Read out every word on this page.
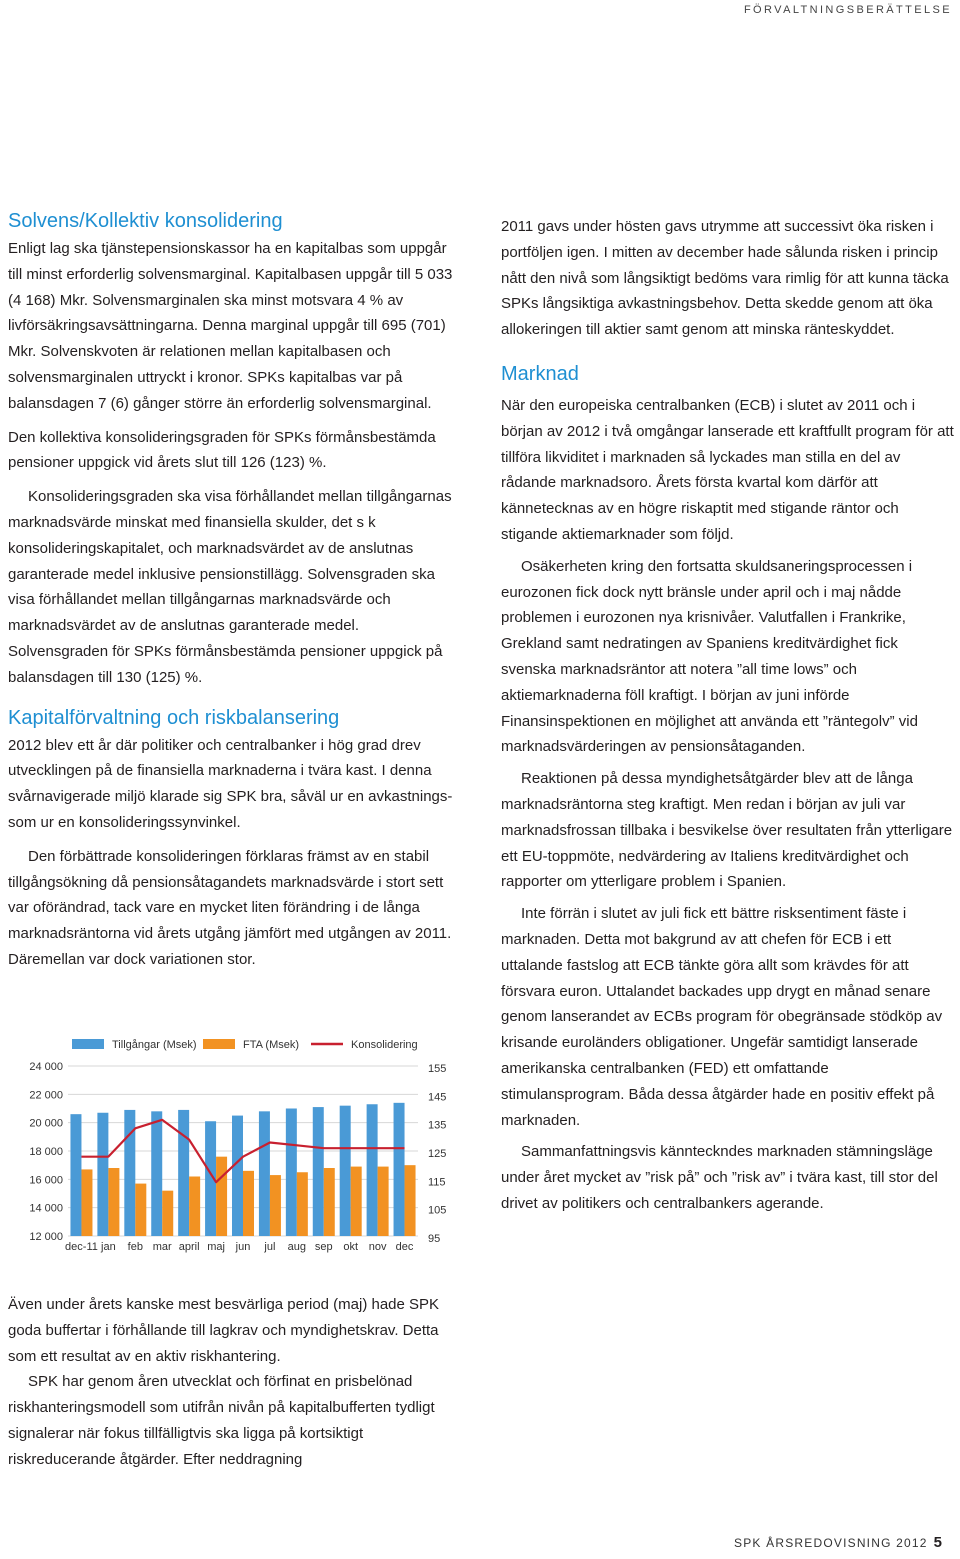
FÖRVALTNINGSBERÄTTELSE
Solvens/Kollektiv konsolidering

Enligt lag ska tjänstepensionskassor ha en kapitalbas som uppgår till minst erforderlig solvensmarginal. Kapitalbasen uppgår till 5 033 (4 168) Mkr. Solvensmarginalen ska minst motsvara 4 % av livförsäkringsavsättningarna. Denna marginal uppgår till 695 (701) Mkr. Solvenskvoten är relationen mellan kapitalbasen och solvensmarginalen uttryckt i kronor. SPKs kapitalbas var på balansdagen 7 (6) gånger större än erforderlig solvensmarginal.

Den kollektiva konsolideringsgraden för SPKs förmånsbestämda pensioner uppgick vid årets slut till 126 (123) %.

Konsolideringsgraden ska visa förhållandet mellan tillgångarnas marknadsvärde minskat med finansiella skulder, det s k konsolideringskapitalet, och marknadsvärdet av de anslutnas garanterade medel inklusive pensionstillägg. Solvensgraden ska visa förhållandet mellan tillgångarnas marknadsvärde och marknadsvärdet av de anslutnas garanterade medel. Solvensgraden för SPKs förmånsbestämda pensioner uppgick på balansdagen till 130 (125) %.

Kapitalförvaltning och riskbalansering

2012 blev ett år där politiker och centralbanker i hög grad drev utvecklingen på de finansiella marknaderna i tvära kast. I denna svårnavigerade miljö klarade sig SPK bra, såväl ur en avkastnings- som ur en konsolideringssynvinkel.

Den förbättrade konsolideringen förklaras främst av en stabil tillgångsökning då pensionsåtagandets marknadsvärde i stort sett var oförändrad, tack vare en mycket liten förändring i de långa marknadsräntorna vid årets utgång jämfört med utgången av 2011. Däremellan var dock variationen stor.

Tillgångar (Msek)	FTA (Msek)	Konsolidering
24 000
22 000
20 000
18 000
16 000
14 000
12 000
155
145
135
125
115
105
95
dec-11 jan feb mar april maj jun jul aug sep okt nov dec

Även under årets kanske mest besvärliga period (maj) hade SPK goda buffertar i förhållande till lagkrav och myndighetskrav. Detta som ett resultat av en aktiv riskhantering.

SPK har genom åren utvecklat och förfinat en prisbelönad riskhanteringsmodell som utifrån nivån på kapitalbufferten tydligt signalerar när fokus tillfälligtvis ska ligga på kortsiktigt riskreducerande åtgärder. Efter neddragning

2011 gavs under hösten gavs utrymme att successivt öka risken i portföljen igen. I mitten av december hade sålunda risken i princip nått den nivå som långsiktigt bedöms vara rimlig för att kunna täcka SPKs långsiktiga avkastningsbehov. Detta skedde genom att öka allokeringen till aktier samt genom att minska ränteskyddet.

Marknad

När den europeiska centralbanken (ECB) i slutet av 2011 och i början av 2012 i två omgångar lanserade ett kraftfullt program för att tillföra likviditet i marknaden så lyckades man stilla en del av rådande marknadsoro. Årets första kvartal kom därför att kännetecknas av en högre riskaptit med stigande räntor och stigande aktiemarknader som följd.

Osäkerheten kring den fortsatta skuldsaneringsprocessen i eurozonen fick dock nytt bränsle under april och i maj nådde problemen i eurozonen nya krisnivåer. Valutfallen i Frankrike, Grekland samt nedratingen av Spaniens kreditvärdighet fick svenska marknadsräntor att notera ”all time lows” och aktiemarknaderna föll kraftigt. I början av juni införde Finansinspektionen en möjlighet att använda ett ”räntegolv” vid marknadsvärderingen av pensionsåtaganden.

Reaktionen på dessa myndighetsåtgärder blev att de långa marknadsräntorna steg kraftigt. Men redan i början av juli var marknadsfrossan tillbaka i besvikelse över resultaten från ytterligare ett EU-toppmöte, nedvärdering av Italiens kreditvärdighet och rapporter om ytterligare problem i Spanien.

Inte förrän i slutet av juli fick ett bättre risksentiment fäste i marknaden. Detta mot bakgrund av att chefen för ECB i ett uttalande fastslog att ECB tänkte göra allt som krävdes för att försvara euron. Uttalandet backades upp drygt en månad senare genom lanserandet av ECBs program för obegränsade stödköp av krisande euroländers obligationer. Ungefär samtidigt lanserade amerikanska centralbanken (FED) ett omfattande stimulansprogram. Båda dessa åtgärder hade en positiv effekt på marknaden.

Sammanfattningsvis kännteckndes marknaden stämningsläge under året mycket av ”risk på” och ”risk av” i tvära kast, till stor del drivet av politikers och centralbankers agerande.

SPK ÅRSREDOVISNING 2012 5
